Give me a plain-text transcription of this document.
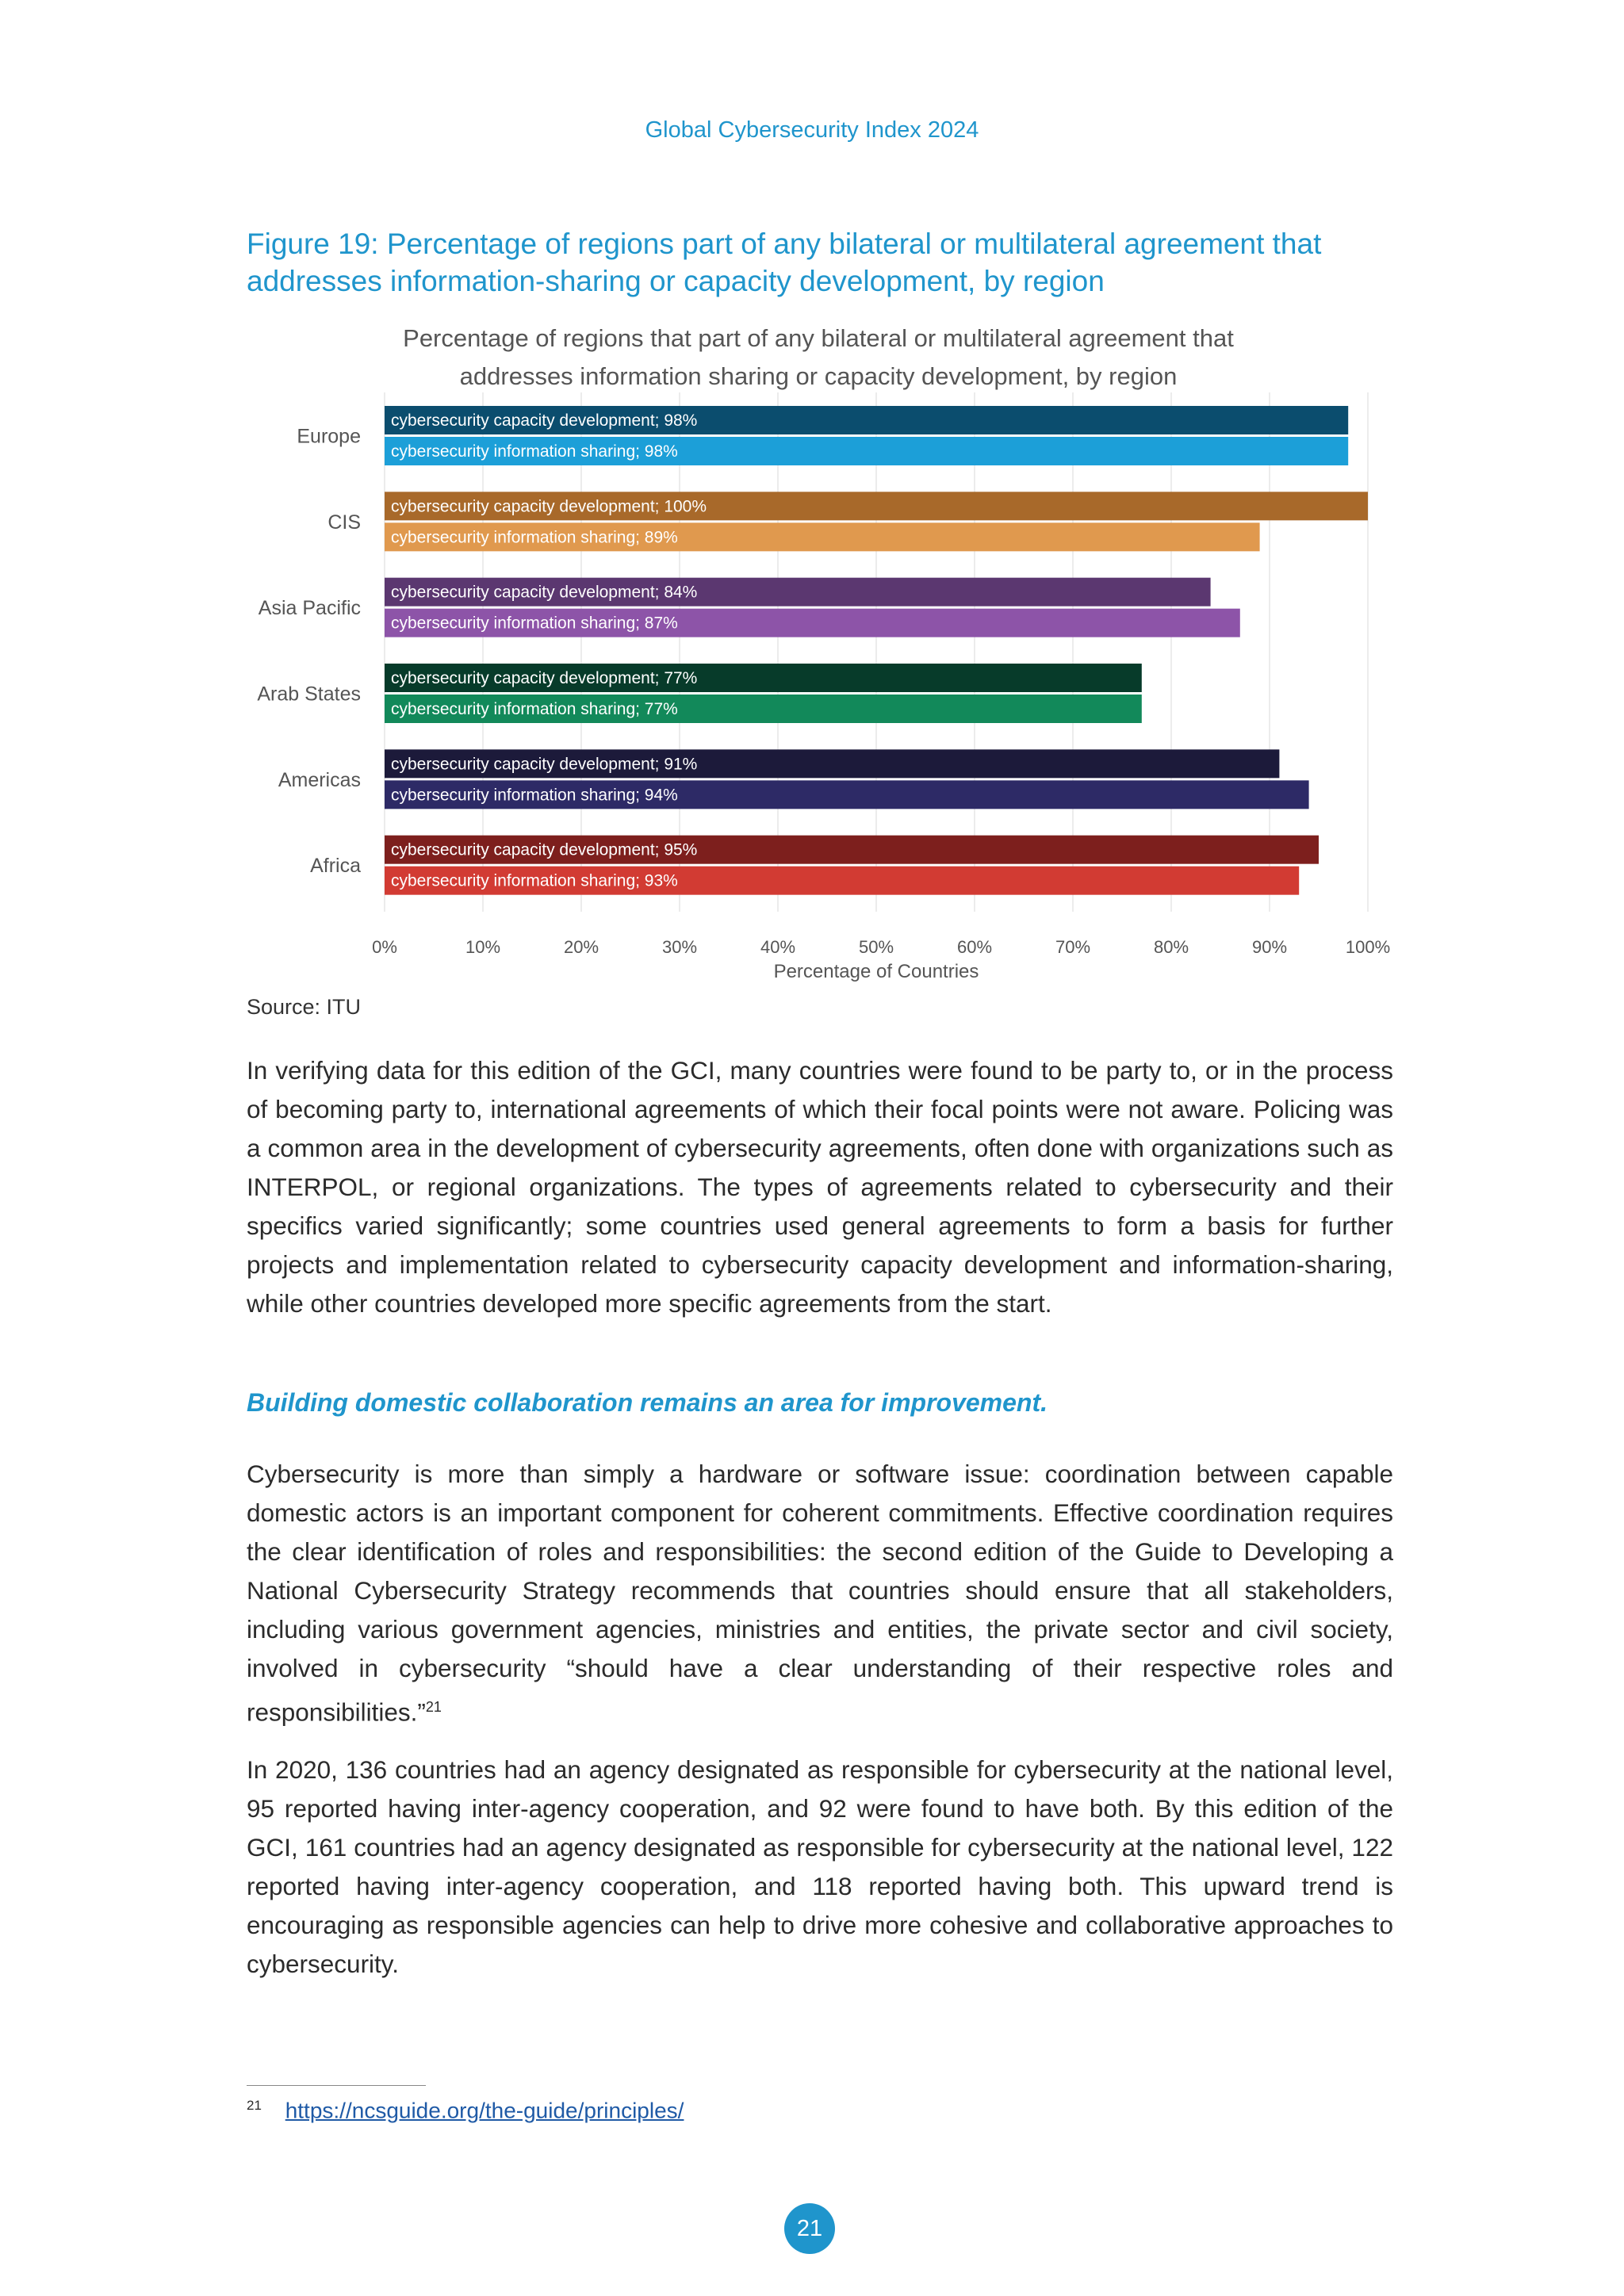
Global Cybersecurity Index 2024
Figure 19: Percentage of regions part of any bilateral or multilateral agreement that addresses information-sharing or capacity development, by region
Percentage of regions that part of any bilateral or multilateral agreement that
addresses information sharing or capacity development, by region
0%	10%	20%	30%	40%	50%	60%	70%	80%	90%	100%
Percentage of Countries
Europe
cybersecurity capacity development; 98%
cybersecurity information sharing; 98%
CIS
cybersecurity capacity development; 100%
cybersecurity information sharing; 89%
Asia Pacific
cybersecurity capacity development; 84%
cybersecurity information sharing; 87%
Arab States
cybersecurity capacity development; 77%
cybersecurity information sharing; 77%
Americas
cybersecurity capacity development; 91%
cybersecurity information sharing; 94%
Africa
cybersecurity capacity development; 95%
cybersecurity information sharing; 93%
Source: ITU

In verifying data for this edition of the GCI, many countries were found to be party to, or in the process of becoming party to, international agreements of which their focal points were not aware. Policing was a common area in the development of cybersecurity agreements, often done with organizations such as INTERPOL, or regional organizations. The types of agreements related to cybersecurity and their specifics varied significantly; some countries used general agreements to form a basis for further projects and implementation related to cybersecurity capacity development and information-sharing, while other countries developed more specific agreements from the start.

Building domestic collaboration remains an area for improvement.

Cybersecurity is more than simply a hardware or software issue: coordination between capable domestic actors is an important component for coherent commitments. Effective coordination requires the clear identification of roles and responsibilities: the second edition of the Guide to Developing a National Cybersecurity Strategy recommends that countries should ensure that all stakeholders, including various government agencies, ministries and entities, the private sector and civil society, involved in cybersecurity “should have a clear understanding of their respective roles and responsibilities.”$^{21}$

In 2020, 136 countries had an agency designated as responsible for cybersecurity at the national level, 95 reported having inter-agency cooperation, and 92 were found to have both. By this edition of the GCI, 161 countries had an agency designated as responsible for cybersecurity at the national level, 122 reported having inter-agency cooperation, and 118 reported having both. This upward trend is encouraging as responsible agencies can help to drive more cohesive and collaborative approaches to cybersecurity.

$^{21}$ https://ncsguide.org/the-guide/principles/
21
